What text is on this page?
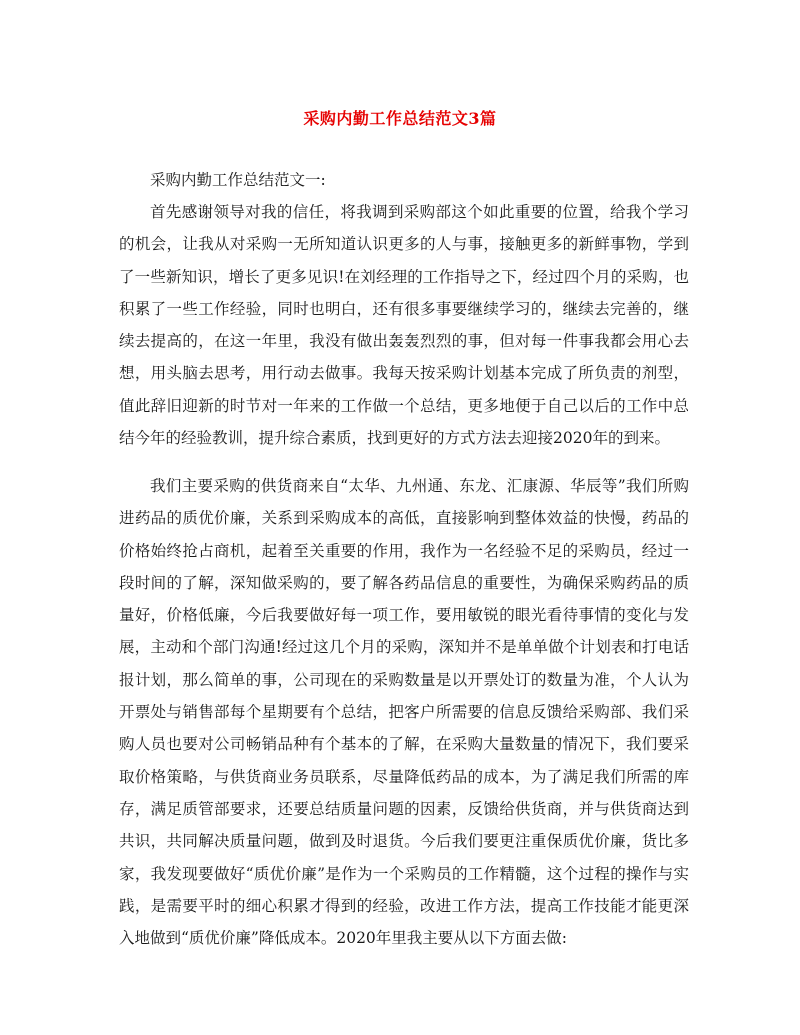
采购内勤工作总结范文3篇
采购内勤工作总结范文一:

首先感谢领导对我的信任，将我调到采购部这个如此重要的位置，给我个学习的机会，让我从对采购一无所知道认识更多的人与事，接触更多的新鲜事物，学到了一些新知识，增长了更多见识!在刘经理的工作指导之下，经过四个月的采购，也积累了一些工作经验，同时也明白，还有很多事要继续学习的，继续去完善的，继续去提高的，在这一年里，我没有做出轰轰烈烈的事，但对每一件事我都会用心去想，用头脑去思考，用行动去做事。我每天按采购计划基本完成了所负责的剂型，值此辞旧迎新的时节对一年来的工作做一个总结，更多地便于自己以后的工作中总结今年的经验教训，提升综合素质，找到更好的方式方法去迎接2020年的到来。

我们主要采购的供货商来自“太华、九州通、东龙、汇康源、华辰等”我们所购进药品的质优价廉，关系到采购成本的高低，直接影响到整体效益的快慢，药品的价格始终抢占商机，起着至关重要的作用，我作为一名经验不足的采购员，经过一段时间的了解，深知做采购的，要了解各药品信息的重要性，为确保采购药品的质量好，价格低廉，今后我要做好每一项工作，要用敏锐的眼光看待事情的变化与发展，主动和个部门沟通!经过这几个月的采购，深知并不是单单做个计划表和打电话报计划，那么简单的事，公司现在的采购数量是以开票处订的数量为准，个人认为开票处与销售部每个星期要有个总结，把客户所需要的信息反馈给采购部、我们采购人员也要对公司畅销品种有个基本的了解，在采购大量数量的情况下，我们要采取价格策略，与供货商业务员联系，尽量降低药品的成本，为了满足我们所需的库存，满足质管部要求，还要总结质量问题的因素，反馈给供货商，并与供货商达到共识，共同解决质量问题，做到及时退货。今后我们要更注重保质优价廉，货比多家，我发现要做好“质优价廉”是作为一个采购员的工作精髓，这个过程的操作与实践，是需要平时的细心积累才得到的经验，改进工作方法，提高工作技能才能更深入地做到“质优价廉”降低成本。2020年里我主要从以下方面去做:
